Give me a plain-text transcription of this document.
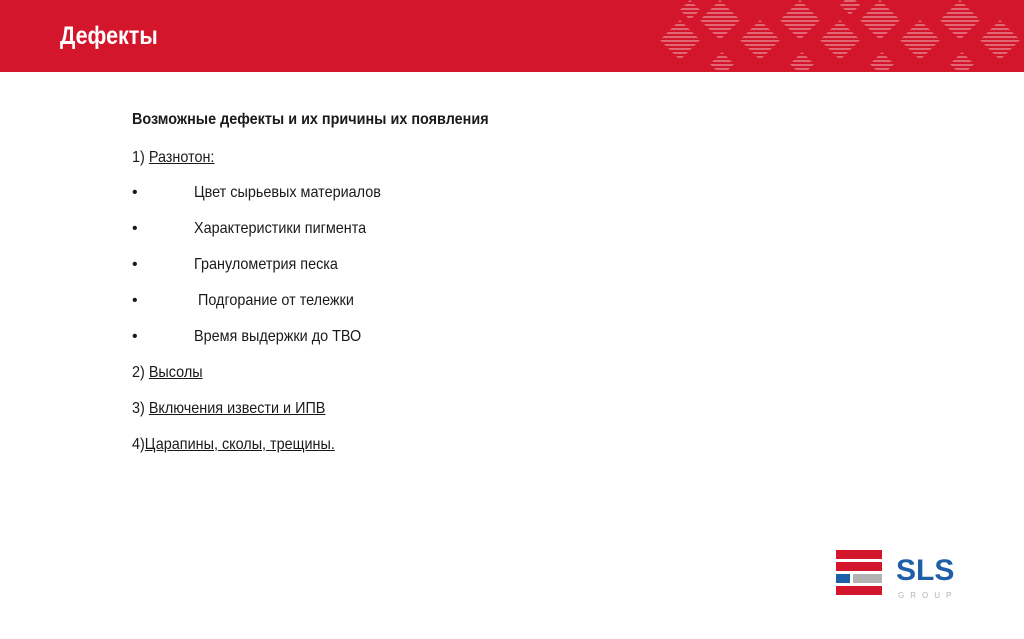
Дефекты
Возможные дефекты и их причины их появления
1) Разнотон:
•	Цвет сырьевых материалов
•	Характеристики пигмента
•	Гранулометрия песка
•	Подгорание от тележки
•	Время выдержки до ТВО
2) Высолы
3) Включения извести и ИПВ
4)Царапины, сколы, трещины.
SLS
GROUP
